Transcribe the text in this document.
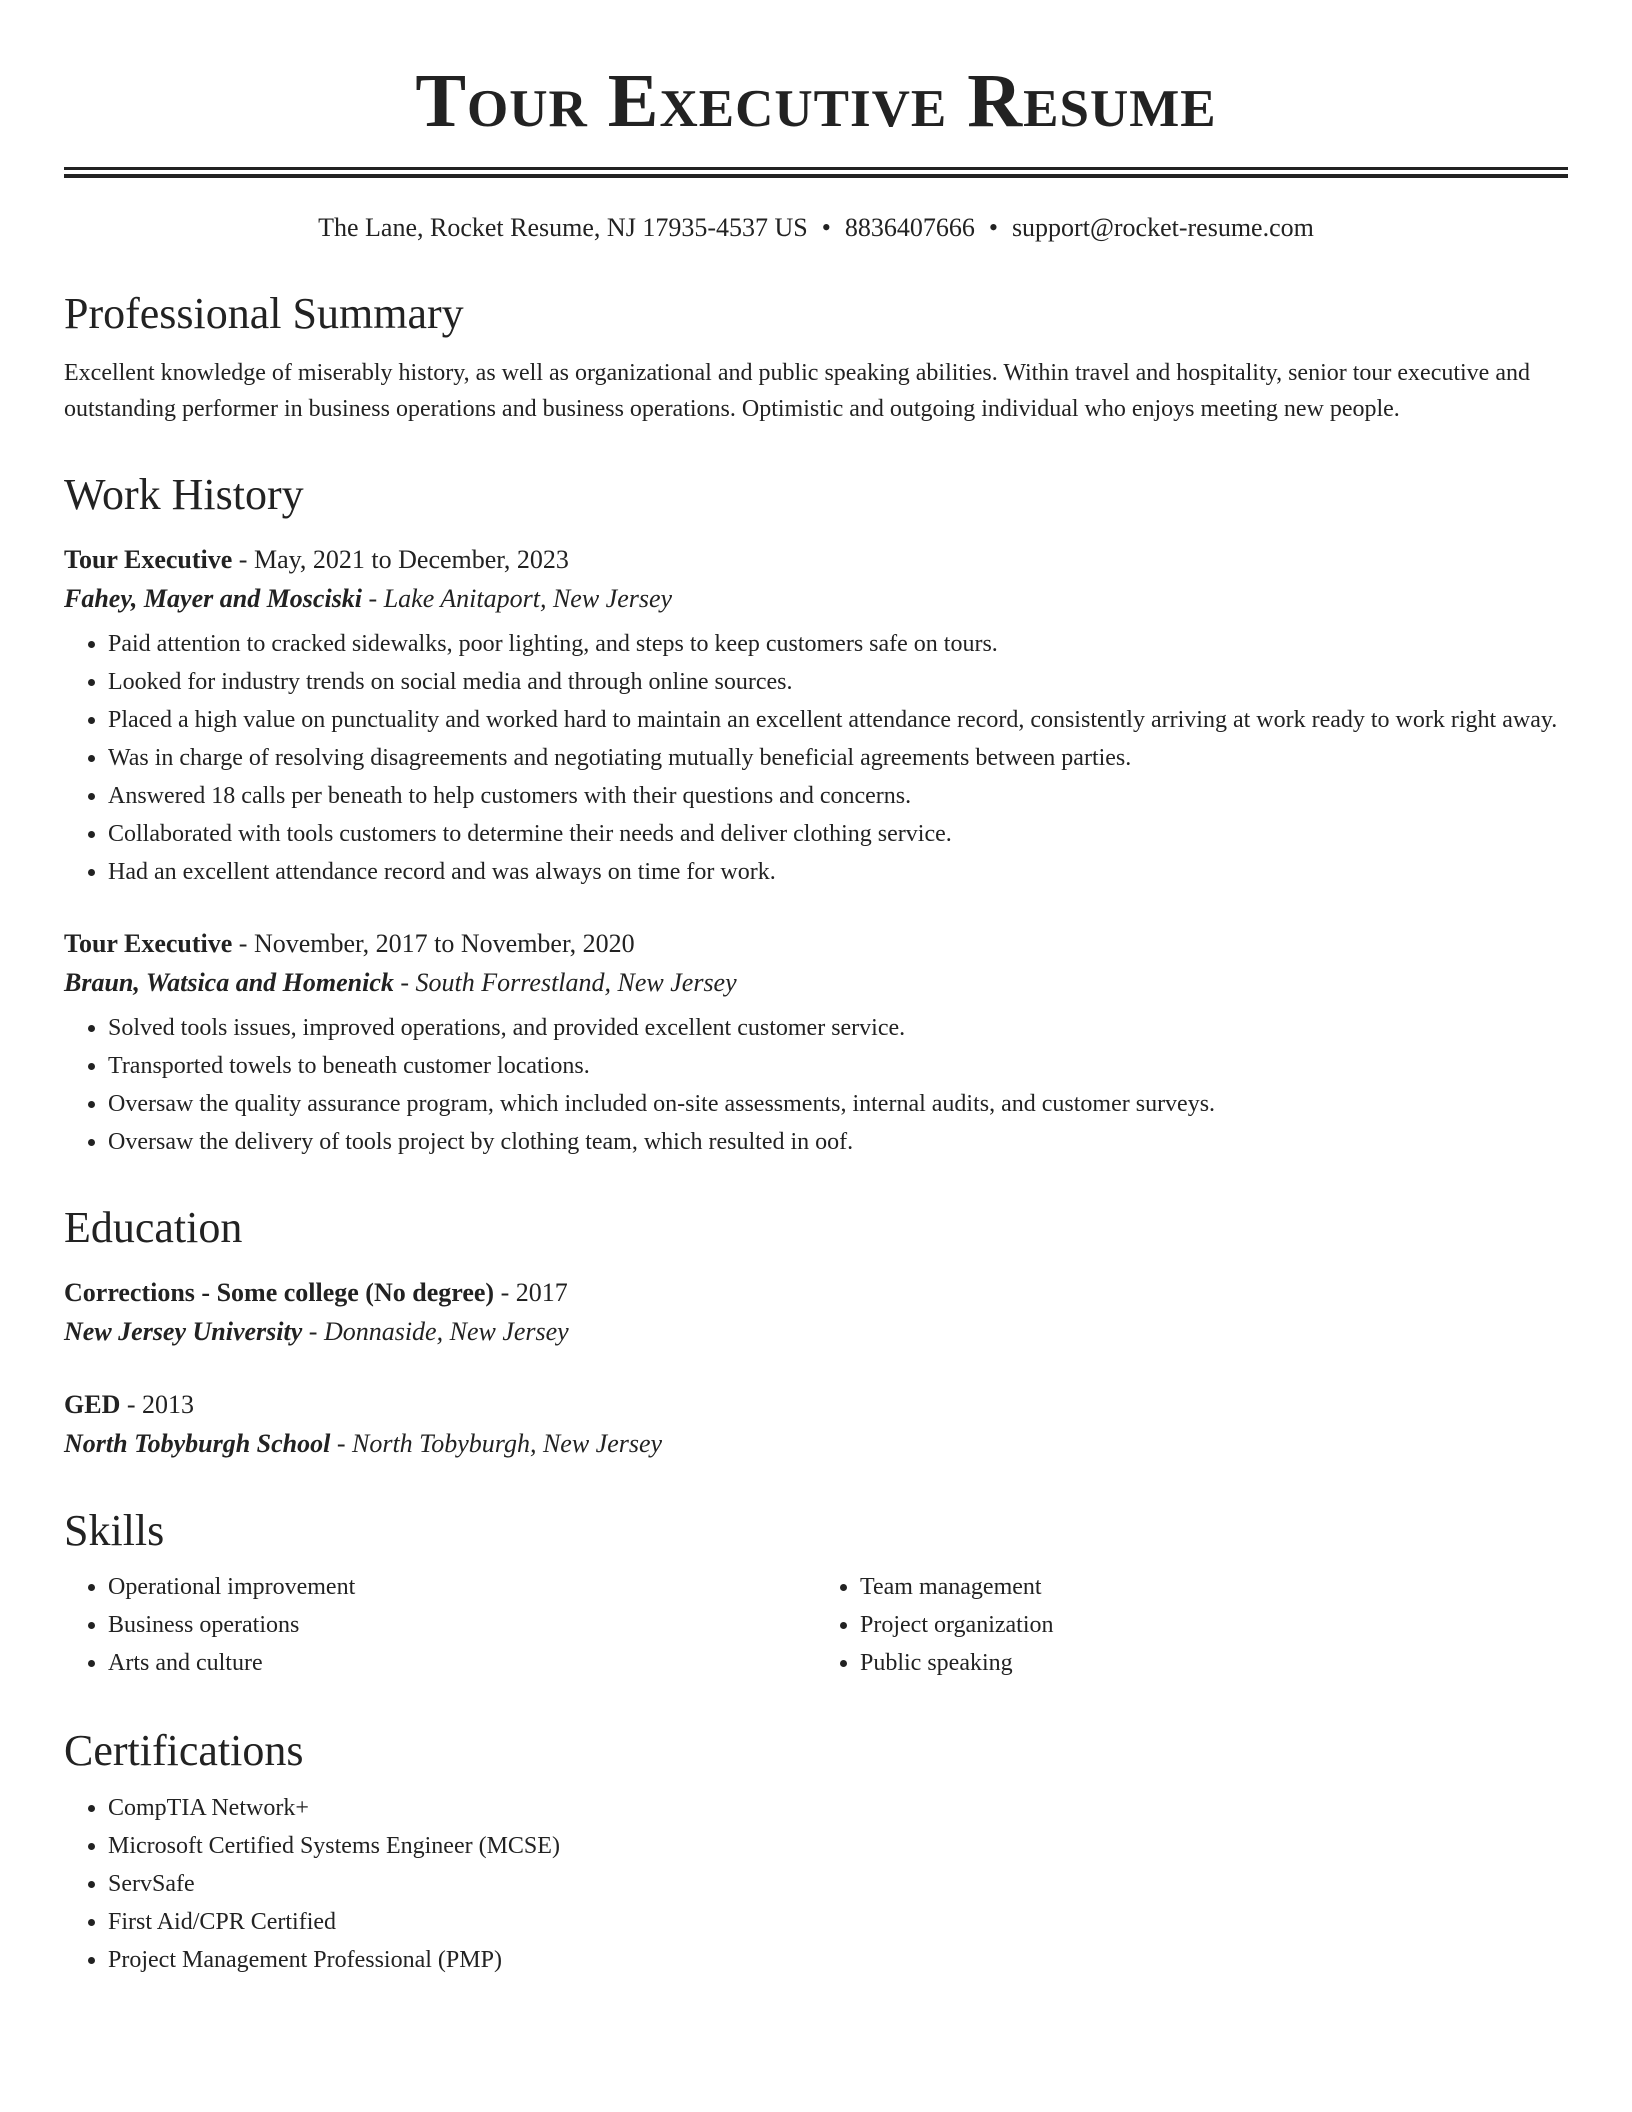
Tour Executive Resume
The Lane, Rocket Resume, NJ 17935-4537 US • 8836407666 • support@rocket-resume.com
Professional Summary

Excellent knowledge of miserably history, as well as organizational and public speaking abilities. Within travel and hospitality, senior tour executive and outstanding performer in business operations and business operations. Optimistic and outgoing individual who enjoys meeting new people.

Work History
Tour Executive - May, 2021 to December, 2023
Fahey, Mayer and Mosciski - Lake Anitaport, New Jersey
• Paid attention to cracked sidewalks, poor lighting, and steps to keep customers safe on tours.
• Looked for industry trends on social media and through online sources.
• Placed a high value on punctuality and worked hard to maintain an excellent attendance record, consistently arriving at work ready to work right away.
• Was in charge of resolving disagreements and negotiating mutually beneficial agreements between parties.
• Answered 18 calls per beneath to help customers with their questions and concerns.
• Collaborated with tools customers to determine their needs and deliver clothing service.
• Had an excellent attendance record and was always on time for work.
Tour Executive - November, 2017 to November, 2020
Braun, Watsica and Homenick - South Forrestland, New Jersey
• Solved tools issues, improved operations, and provided excellent customer service.
• Transported towels to beneath customer locations.
• Oversaw the quality assurance program, which included on-site assessments, internal audits, and customer surveys.
• Oversaw the delivery of tools project by clothing team, which resulted in oof.
Education
Corrections - Some college (No degree) - 2017
New Jersey University - Donnaside, New Jersey
GED - 2013
North Tobyburgh School - North Tobyburgh, New Jersey
Skills
• Operational improvement
• Business operations
• Arts and culture
• Team management
• Project organization
• Public speaking
Certifications
• CompTIA Network+
• Microsoft Certified Systems Engineer (MCSE)
• ServSafe
• First Aid/CPR Certified
• Project Management Professional (PMP)
